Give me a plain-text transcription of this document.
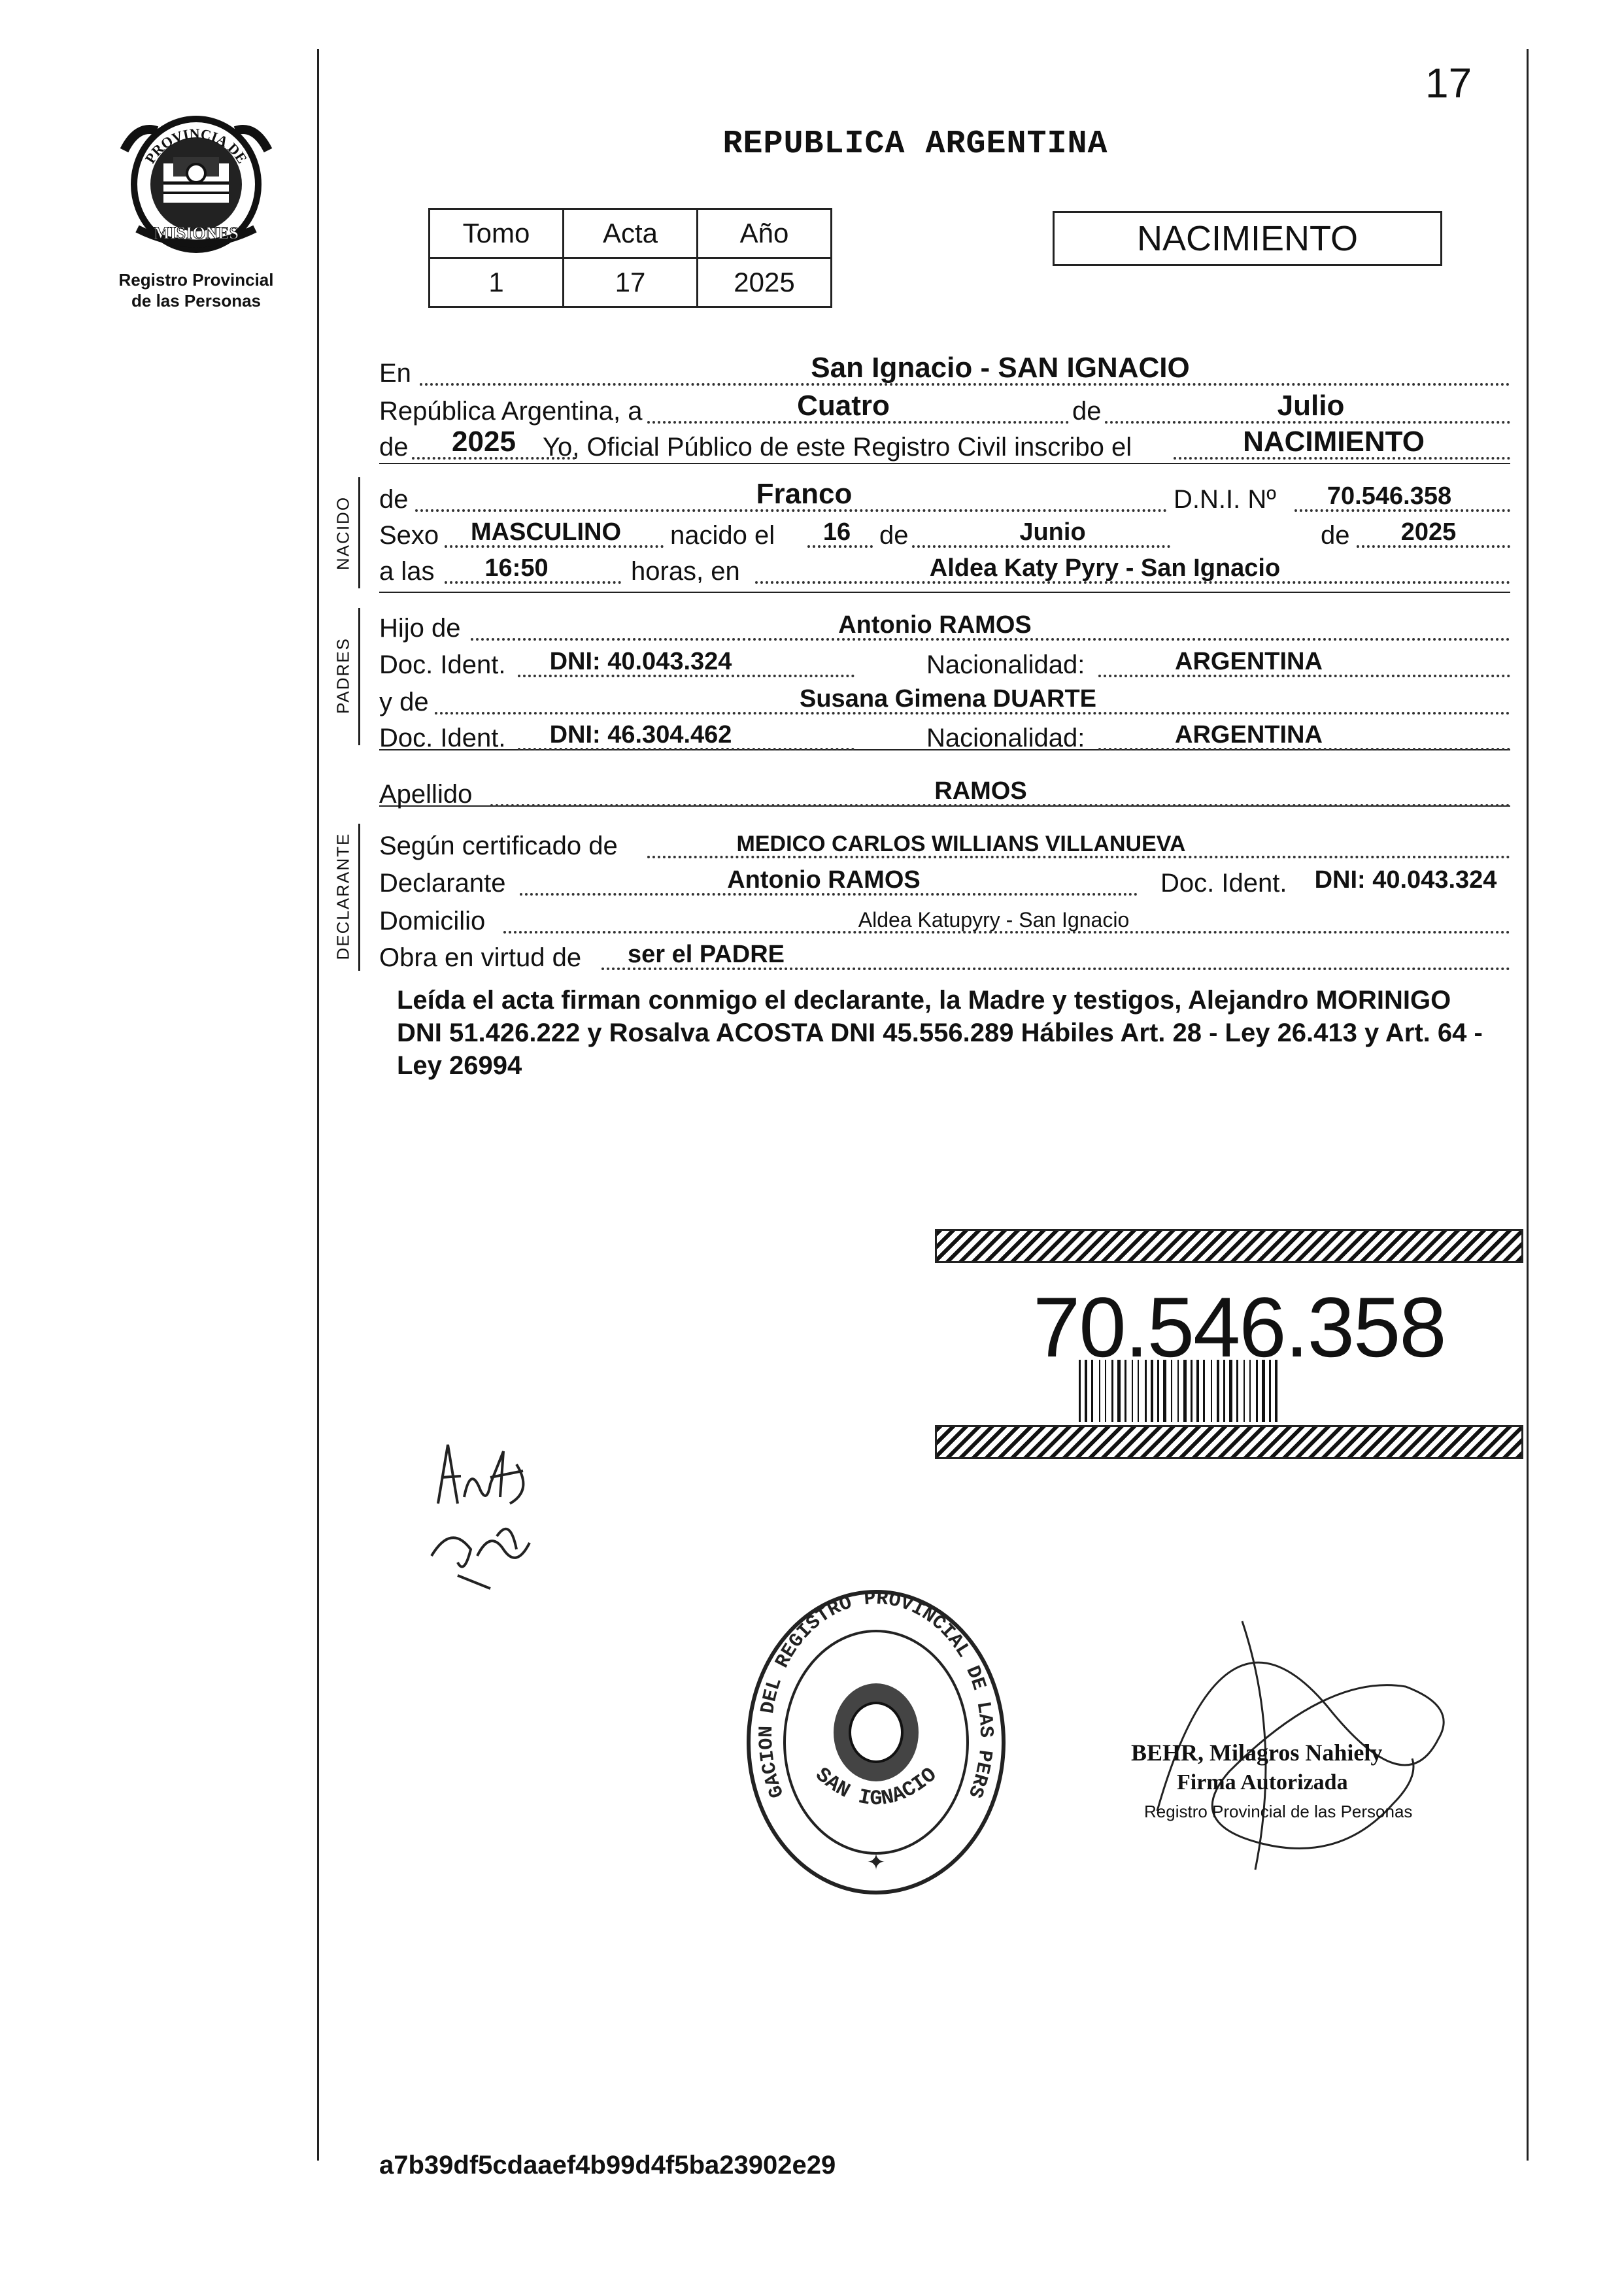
PROVINCIA DE
MISIONES
Registro Provincial
de las Personas
17
REPUBLICA ARGENTINA
Tomo	Acta	Año
1	17	2025
NACIMIENTO
NACIDO
PADRES
DECLARANTE
En	San Ignacio - SAN IGNACIO
República Argentina, a	Cuatro	de	Julio
de	2025	Yo, Oficial Público de este Registro Civil inscribo el	NACIMIENTO
de	Franco	D.N.I. Nº	70.546.358
Sexo	MASCULINO	nacido el 16 de	Junio	de	2025
a las	16:50	horas, en	Aldea Katy Pyry - San Ignacio
Hijo de	Antonio RAMOS
Doc. Ident.	DNI: 40.043.324	Nacionalidad:	ARGENTINA
y de	Susana Gimena DUARTE
Doc. Ident.	DNI: 46.304.462	Nacionalidad:	ARGENTINA
Apellido	RAMOS
Según certificado de	MEDICO CARLOS WILLIANS VILLANUEVA
Declarante	Antonio RAMOS	Doc. Ident.	DNI: 40.043.324
Domicilio	Aldea Katupyry - San Ignacio
Obra en virtud de	ser el PADRE
Leída el acta firman conmigo el declarante, la Madre y testigos, Alejandro MORINIGO DNI 51.426.222 y Rosalva ACOSTA DNI 45.556.289 Hábiles Art. 28 - Ley 26.413 y Art. 64 - Ley 26994
70.546.358
GACION DEL REGISTRO PROVINCIAL DE LAS PERS
SAN IGNACIO
✦
BEHR, Milagros Nahiely
Firma Autorizada
Registro Provincial de las Personas
a7b39df5cdaaef4b99d4f5ba23902e29
